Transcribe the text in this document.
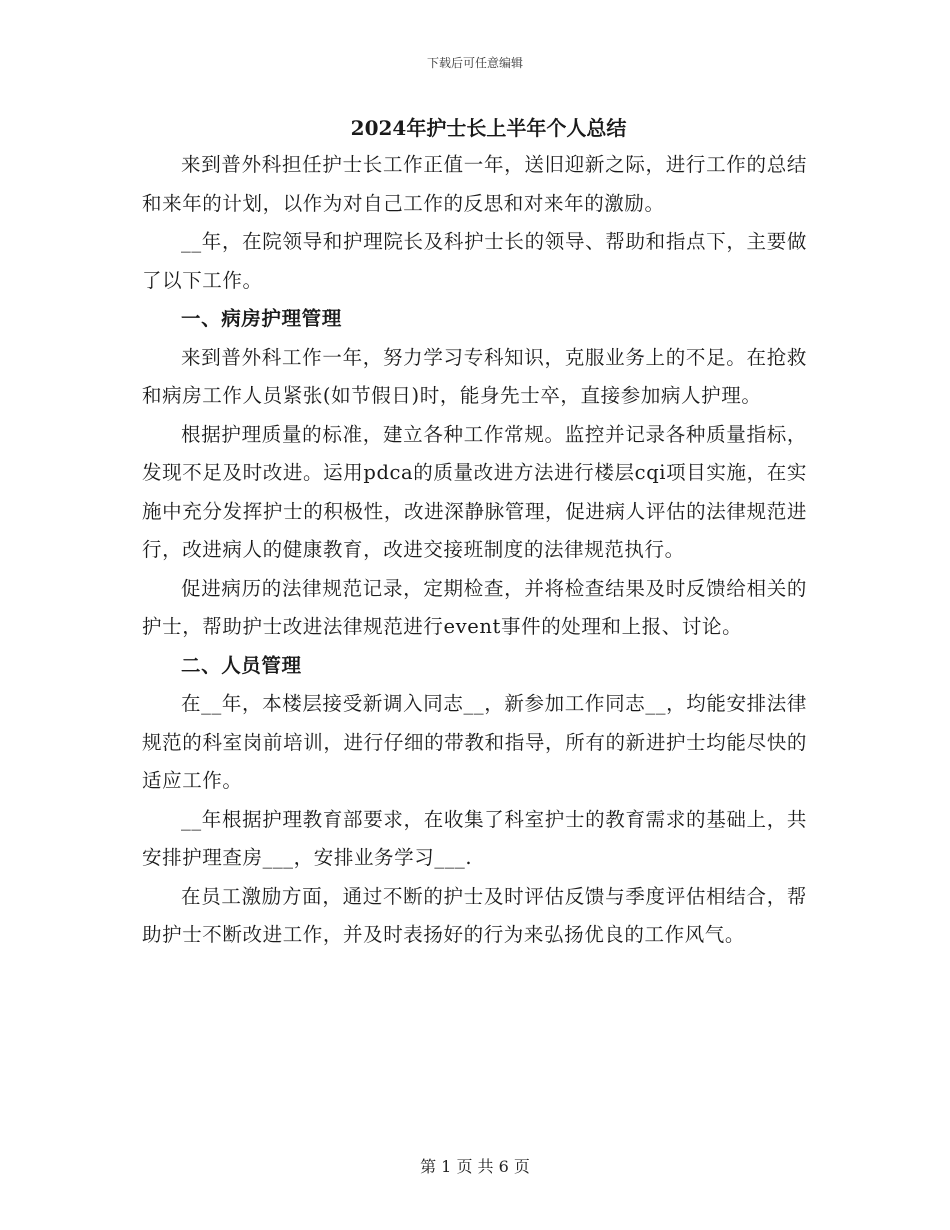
下载后可任意编辑
2024年护士长上半年个人总结

来到普外科担任护士长工作正值一年，送旧迎新之际，进行工作的总结和来年的计划，以作为对自己工作的反思和对来年的激励。

__年，在院领导和护理院长及科护士长的领导、帮助和指点下，主要做了以下工作。

一、病房护理管理

来到普外科工作一年，努力学习专科知识，克服业务上的不足。在抢救和病房工作人员紧张(如节假日)时，能身先士卒，直接参加病人护理。

根据护理质量的标准，建立各种工作常规。监控并记录各种质量指标，发现不足及时改进。运用pdca的质量改进方法进行楼层cqi项目实施，在实施中充分发挥护士的积极性，改进深静脉管理，促进病人评估的法律规范进行，改进病人的健康教育，改进交接班制度的法律规范执行。

促进病历的法律规范记录，定期检查，并将检查结果及时反馈给相关的护士，帮助护士改进法律规范进行event事件的处理和上报、讨论。

二、人员管理

在__年，本楼层接受新调入同志__，新参加工作同志__，均能安排法律规范的科室岗前培训，进行仔细的带教和指导，所有的新进护士均能尽快的适应工作。

__年根据护理教育部要求，在收集了科室护士的教育需求的基础上，共安排护理查房___，安排业务学习___.

在员工激励方面，通过不断的护士及时评估反馈与季度评估相结合，帮助护士不断改进工作，并及时表扬好的行为来弘扬优良的工作风气。

第 1 页 共 6 页
